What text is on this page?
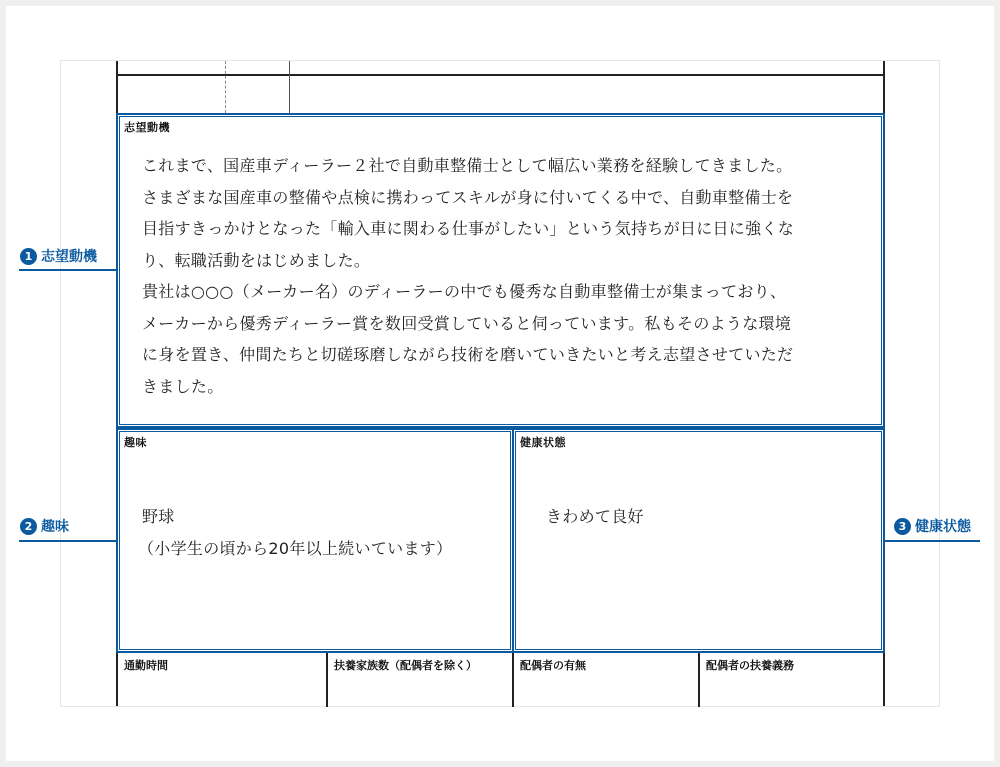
志望動機

これまで、国産車ディーラー２社で自動車整備士として幅広い業務を経験してきました。

さまざまな国産車の整備や点検に携わってスキルが身に付いてくる中で、自動車整備士を

目指すきっかけとなった「輸入車に関わる仕事がしたい」という気持ちが日に日に強くな

り、転職活動をはじめました。

貴社は○○○（メーカー名）のディーラーの中でも優秀な自動車整備士が集まっており、

メーカーから優秀ディーラー賞を数回受賞していると伺っています。私もそのような環境

に身を置き、仲間たちと切磋琢磨しながら技術を磨いていきたいと考え志望させていただ

きました。

趣味

野球

（小学生の頃から20年以上続いています）

健康状態
きわめて良好
通勤時間	扶養家族数（配偶者を除く）	配偶者の有無	配偶者の扶養義務
1 志望動機
2 趣味	3 健康状態
